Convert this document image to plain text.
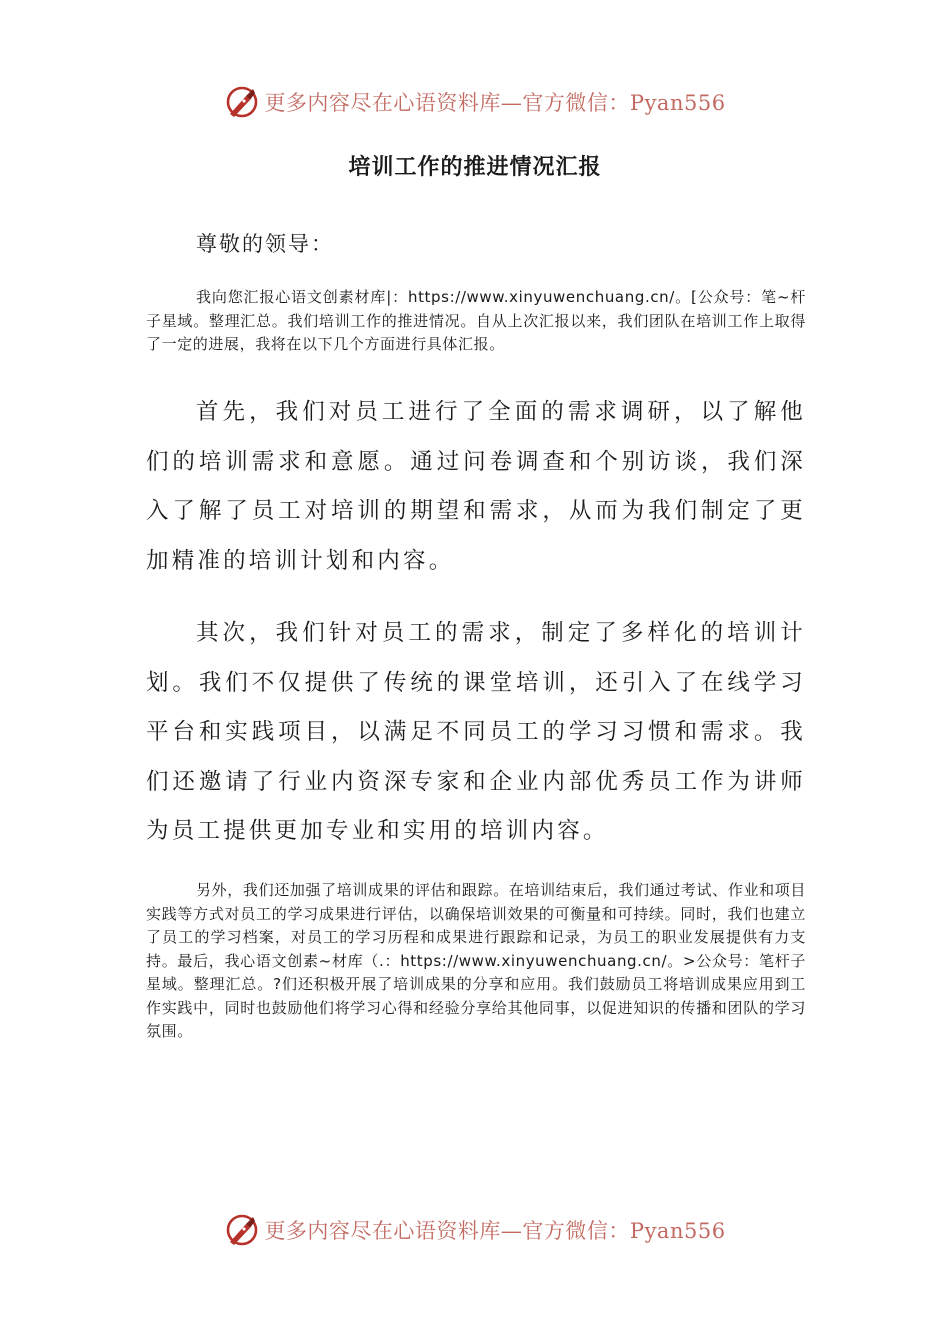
更多内容尽在心语资料库—官方微信：Pyan556
培训工作的推进情况汇报

尊敬的领导：

我向您汇报心语文创素材库|：https://www.xinyuwenchuang.cn/。[公众号：笔~杆子星域。整理汇总。我们培训工作的推进情况。自从上次汇报以来，我们团队在培训工作上取得了一定的进展，我将在以下几个方面进行具体汇报。

首先，我们对员工进行了全面的需求调研，以了解他们的培训需求和意愿。通过问卷调查和个别访谈，我们深入了解了员工对培训的期望和需求，从而为我们制定了更加精准的培训计划和内容。

其次，我们针对员工的需求，制定了多样化的培训计划。我们不仅提供了传统的课堂培训，还引入了在线学习平台和实践项目，以满足不同员工的学习习惯和需求。我们还邀请了行业内资深专家和企业内部优秀员工作为讲师为员工提供更加专业和实用的培训内容。

另外，我们还加强了培训成果的评估和跟踪。在培训结束后，我们通过考试、作业和项目实践等方式对员工的学习成果进行评估，以确保培训效果的可衡量和可持续。同时，我们也建立了员工的学习档案，对员工的学习历程和成果进行跟踪和记录，为员工的职业发展提供有力支持。最后，我心语文创素~材库（.：https://www.xinyuwenchuang.cn/。>公众号：笔杆子星域。整理汇总。?们还积极开展了培训成果的分享和应用。我们鼓励员工将培训成果应用到工作实践中，同时也鼓励他们将学习心得和经验分享给其他同事，以促进知识的传播和团队的学习氛围。

更多内容尽在心语资料库—官方微信：Pyan556
